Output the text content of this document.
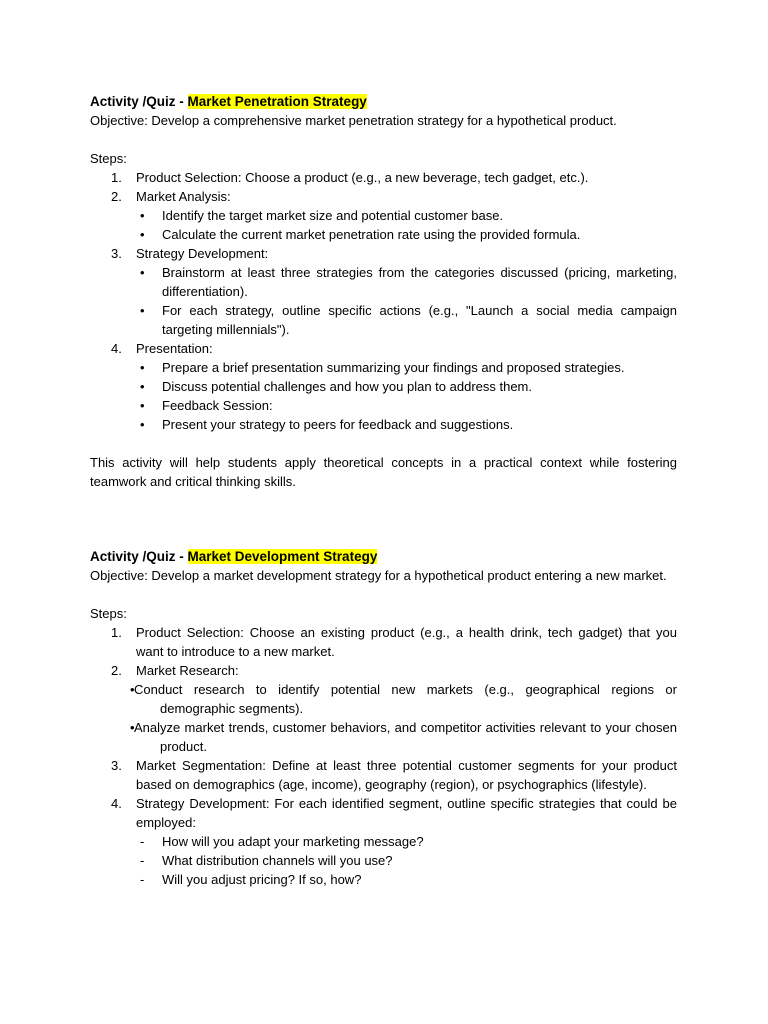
Activity /Quiz - Market Penetration Strategy

Objective: Develop a comprehensive market penetration strategy for a hypothetical product.

Steps:

1.	Product Selection: Choose a product (e.g., a new beverage, tech gadget, etc.).
2.	Market Analysis:
• Identify the target market size and potential customer base.
• Calculate the current market penetration rate using the provided formula.
3.	Strategy Development:
• Brainstorm at least three strategies from the categories discussed (pricing, marketing, differentiation).
• For each strategy, outline specific actions (e.g., "Launch a social media campaign targeting millennials").
4.	Presentation:
• Prepare a brief presentation summarizing your findings and proposed strategies.
• Discuss potential challenges and how you plan to address them.
• Feedback Session:
• Present your strategy to peers for feedback and suggestions.

This activity will help students apply theoretical concepts in a practical context while fostering teamwork and critical thinking skills.

Activity /Quiz - Market Development Strategy

Objective: Develop a market development strategy for a hypothetical product entering a new market.

Steps:

1.	Product Selection: Choose an existing product (e.g., a health drink, tech gadget) that you want to introduce to a new market.
2.	Market Research:
•Conduct research to identify potential new markets (e.g., geographical regions or demographic segments).
•Analyze market trends, customer behaviors, and competitor activities relevant to your chosen product.
3.	Market Segmentation: Define at least three potential customer segments for your product based on demographics (age, income), geography (region), or psychographics (lifestyle).
4.	Strategy Development: For each identified segment, outline specific strategies that could be employed:
- How will you adapt your marketing message?
- What distribution channels will you use?
- Will you adjust pricing? If so, how?
